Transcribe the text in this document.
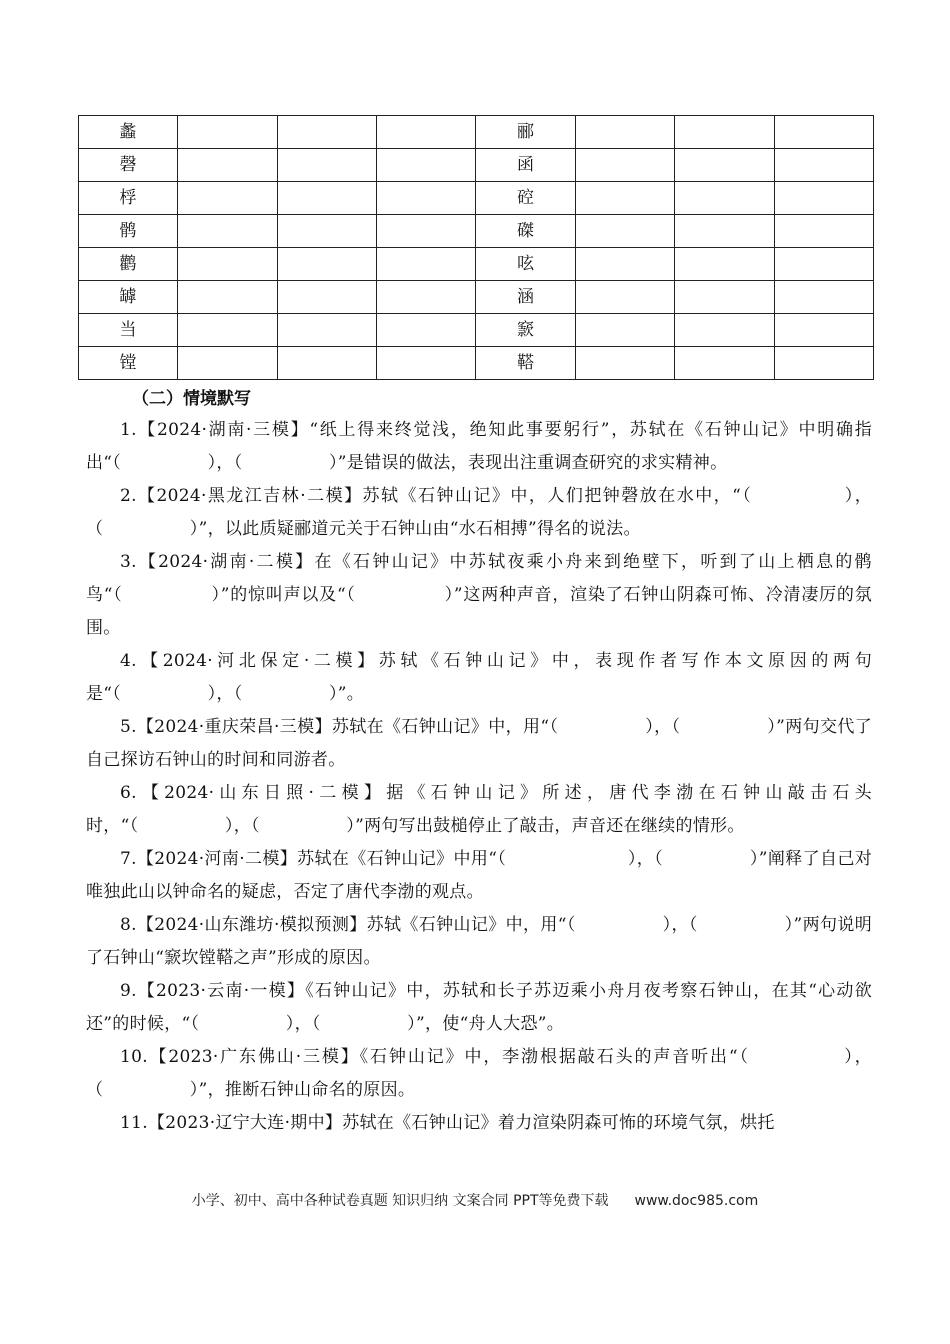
蠡				郦			
磬				函			
桴				硿			
鹘				磔			
鹳				呟			
罅				涵			
当				窾			
镗				鞳			
（二）情境默写

1.【2024·湖南·三模】“纸上得来终觉浅，绝知此事要躬行”，苏轼在《石钟山记》中明确指出“（　　　　　），（　　　　　）”是错误的做法，表现出注重调查研究的求实精神。

2.【2024·黑龙江吉林·二模】苏轼《石钟山记》中，人们把钟磬放在水中，“（　　　　　），（　　　　　）”，以此质疑郦道元关于石钟山由“水石相搏”得名的说法。

3.【2024·湖南·二模】在《石钟山记》中苏轼夜乘小舟来到绝壁下，听到了山上栖息的鹘鸟“（　　　　　）”的惊叫声以及“（　　　　　）”这两种声音，渲染了石钟山阴森可怖、冷清凄厉的氛围。

4.【2024·河北保定·二模】苏轼《石钟山记》中，表现作者写作本文原因的两句是“（　　　　　），（　　　　　）”。

5.【2024·重庆荣昌·三模】苏轼在《石钟山记》中，用“（　　　　　），（　　　　　）”两句交代了自己探访石钟山的时间和同游者。

6.【2024·山东日照·二模】据《石钟山记》所述，唐代李渤在石钟山敲击石头时，“（　　　　　），（　　　　　）”两句写出鼓槌停止了敲击，声音还在继续的情形。

7.【2024·河南·二模】苏轼在《石钟山记》中用“（　　　　　　　），（　　　　　）”阐释了自己对唯独此山以钟命名的疑虑，否定了唐代李渤的观点。

8.【2024·山东潍坊·模拟预测】苏轼《石钟山记》中，用“（　　　　　），（　　　　　）”两句说明了石钟山“窾坎镗鞳之声”形成的原因。

9.【2023·云南·一模】《石钟山记》中，苏轼和长子苏迈乘小舟月夜考察石钟山，在其“心动欲还”的时候，“（　　　　　），（　　　　　）”，使“舟人大恐”。

10.【2023·广东佛山·三模】《石钟山记》中，李渤根据敲石头的声音听出“（　　　　　），（　　　　　）”，推断石钟山命名的原因。

11.【2023·辽宁大连·期中】苏轼在《石钟山记》着力渲染阴森可怖的环境气氛，烘托

小学、初中、高中各种试卷真题 知识归纳 文案合同 PPT等免费下载 www.doc985.com
